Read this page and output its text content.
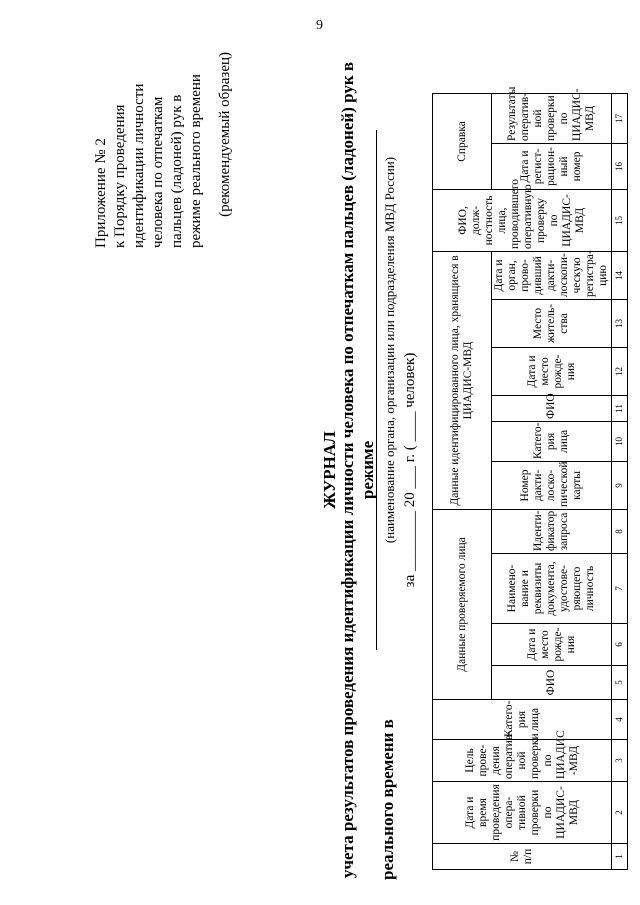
9
Приложение № 2 к Порядку проведения идентификации личности человека по отпечаткам пальцев (ладоней) рук в режиме реального времени (рекомендуемый образец)
ЖУРНАЛ учета результатов проведения идентификации личности человека по отпечаткам пальцев (ладоней) рук в режиме
реального времени в
(наименование органа, организации или подразделения МВД России)
за ________ 20 ___ г. ( ____ человек)
№ п/п	Дата и время проведения опера-тивной проверки по ЦИАДИС-МВД	Цель прове-дения оператив-ной проверки по ЦИАДИС -МВД	Катего-рия лица	Данные проверяемого лица				Данные идентифицированного лица, хранящиеся в ЦИАДИС-МВД						ФИО, долж-ностность лица, проводившего оперативную проверку по ЦИАДИС-МВД	Справка	
				ФИО	Дата и место рожде-ния	Наимено-вание и реквизиты документа, удостове-ряющего личность	Иденти-фикатор запроса	Номер дакти-лоско-пической карты	Катего-рия лица	ФИО	Дата и место рожде-ния	Место житель-ства	Дата и орган, прово-дивший дакти-лоскопи-ческую регистра-цию		Дата и регист-рацион-ный номер	Результаты оператив-ной проверки по ЦИАДИС-МВД
1	2	3	4	5	6	7	8	9	10	11	12	13	14	15	16	17
